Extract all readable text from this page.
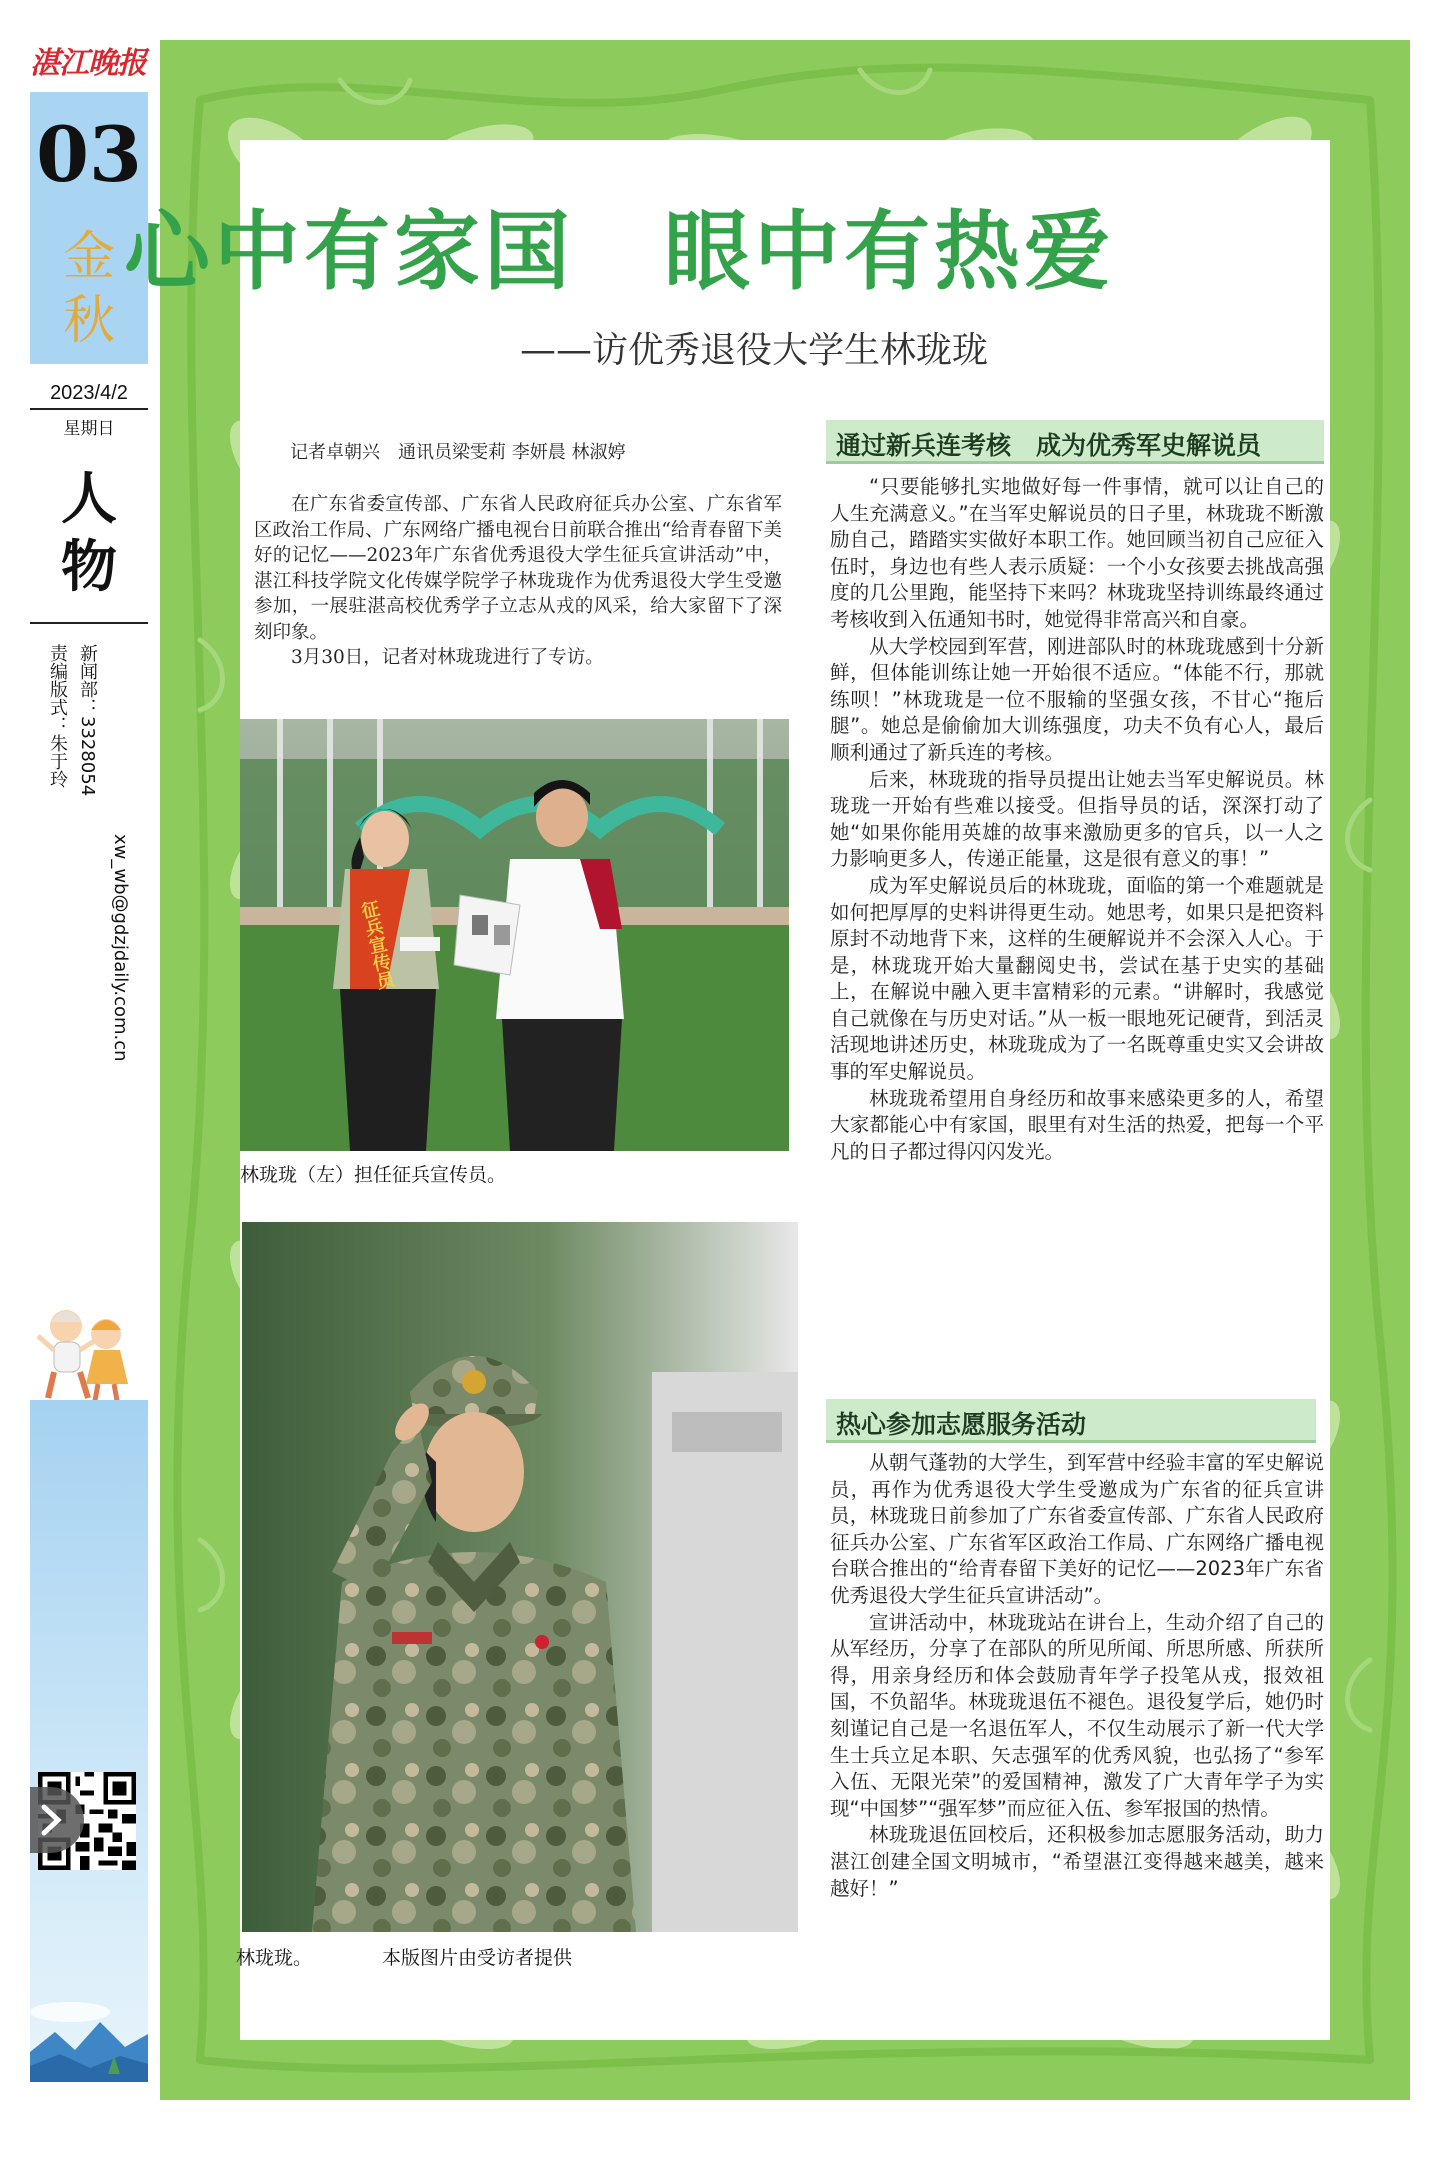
湛江晚报
03
金
秋
2023/4/2
星期日
人
物
责编版式：朱于玲 新闻部：3328054
xw_wb@gdzjdaily.com.cn
心中有家国 眼中有热爱
——访优秀退役大学生林珑珑
记者卓朝兴　通讯员梁雯莉 李妍晨 林淑婷

在广东省委宣传部、广东省人民政府征兵办公室、广东省军区政治工作局、广东网络广播电视台日前联合推出“给青春留下美好的记忆——2023年广东省优秀退役大学生征兵宣讲活动”中，湛江科技学院文化传媒学院学子林珑珑作为优秀退役大学生受邀参加，一展驻湛高校优秀学子立志从戎的风采，给大家留下了深刻印象。

3月30日，记者对林珑珑进行了专访。

林珑珑（左）担任征兵宣传员。
林珑珑。	本版图片由受访者提供
通过新兵连考核　成为优秀军史解说员

“只要能够扎实地做好每一件事情，就可以让自己的人生充满意义。”在当军史解说员的日子里，林珑珑不断激励自己，踏踏实实做好本职工作。她回顾当初自己应征入伍时，身边也有些人表示质疑：一个小女孩要去挑战高强度的几公里跑，能坚持下来吗？林珑珑坚持训练最终通过考核收到入伍通知书时，她觉得非常高兴和自豪。

从大学校园到军营，刚进部队时的林珑珑感到十分新鲜，但体能训练让她一开始很不适应。“体能不行，那就练呗！”林珑珑是一位不服输的坚强女孩，不甘心“拖后腿”。她总是偷偷加大训练强度，功夫不负有心人，最后顺利通过了新兵连的考核。

后来，林珑珑的指导员提出让她去当军史解说员。林珑珑一开始有些难以接受。但指导员的话，深深打动了她“如果你能用英雄的故事来激励更多的官兵，以一人之力影响更多人，传递正能量，这是很有意义的事！”

成为军史解说员后的林珑珑，面临的第一个难题就是如何把厚厚的史料讲得更生动。她思考，如果只是把资料原封不动地背下来，这样的生硬解说并不会深入人心。于是，林珑珑开始大量翻阅史书，尝试在基于史实的基础上，在解说中融入更丰富精彩的元素。“讲解时，我感觉自己就像在与历史对话。”从一板一眼地死记硬背，到活灵活现地讲述历史，林珑珑成为了一名既尊重史实又会讲故事的军史解说员。

林珑珑希望用自身经历和故事来感染更多的人，希望大家都能心中有家国，眼里有对生活的热爱，把每一个平凡的日子都过得闪闪发光。

热心参加志愿服务活动

从朝气蓬勃的大学生，到军营中经验丰富的军史解说员，再作为优秀退役大学生受邀成为广东省的征兵宣讲员，林珑珑日前参加了广东省委宣传部、广东省人民政府征兵办公室、广东省军区政治工作局、广东网络广播电视台联合推出的“给青春留下美好的记忆——2023年广东省优秀退役大学生征兵宣讲活动”。

宣讲活动中，林珑珑站在讲台上，生动介绍了自己的从军经历，分享了在部队的所见所闻、所思所感、所获所得，用亲身经历和体会鼓励青年学子投笔从戎，报效祖国，不负韶华。林珑珑退伍不褪色。退役复学后，她仍时刻谨记自己是一名退伍军人，不仅生动展示了新一代大学生士兵立足本职、矢志强军的优秀风貌，也弘扬了“参军入伍、无限光荣”的爱国精神，激发了广大青年学子为实现“中国梦”“强军梦”而应征入伍、参军报国的热情。

林珑珑退伍回校后，还积极参加志愿服务活动，助力湛江创建全国文明城市，“希望湛江变得越来越美，越来越好！”

征兵宣传员
